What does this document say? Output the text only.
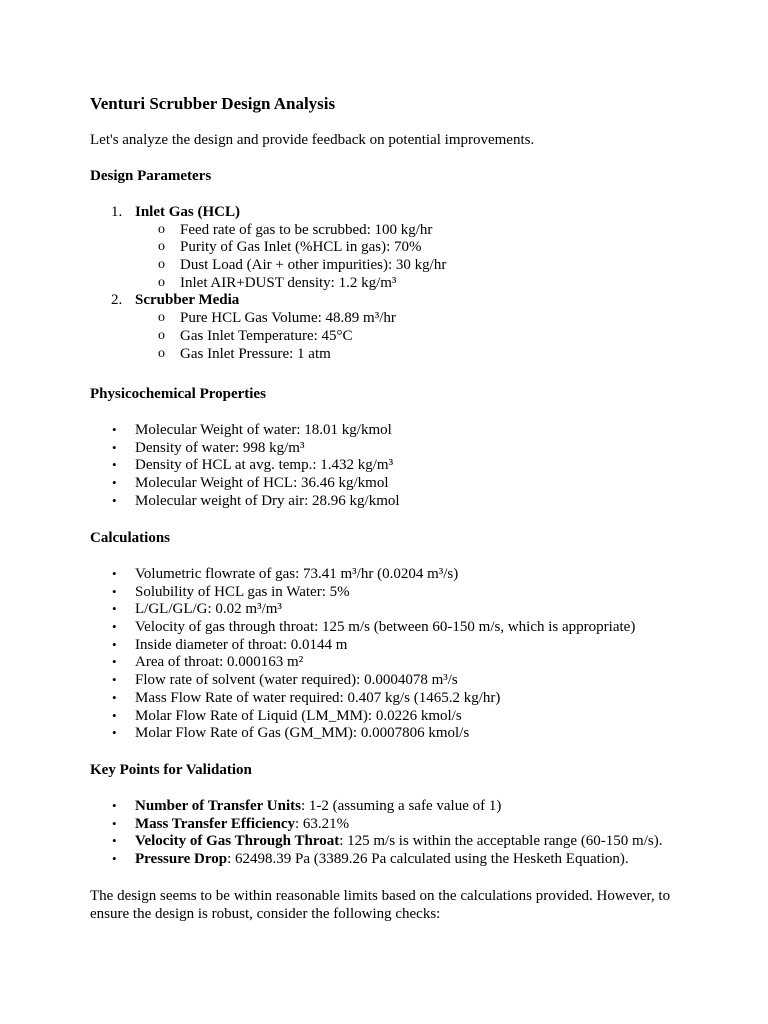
Venturi Scrubber Design Analysis

Let's analyze the design and provide feedback on potential improvements.

Design Parameters
1. Inlet Gas (HCL)
o Feed rate of gas to be scrubbed: 100 kg/hr
o Purity of Gas Inlet (%HCL in gas): 70%
o Dust Load (Air + other impurities): 30 kg/hr
o Inlet AIR+DUST density: 1.2 kg/m³
2. Scrubber Media
o Pure HCL Gas Volume: 48.89 m³/hr
o Gas Inlet Temperature: 45°C
o Gas Inlet Pressure: 1 atm
Physicochemical Properties
• Molecular Weight of water: 18.01 kg/kmol
• Density of water: 998 kg/m³
• Density of HCL at avg. temp.: 1.432 kg/m³
• Molecular Weight of HCL: 36.46 kg/kmol
• Molecular weight of Dry air: 28.96 kg/kmol
Calculations
• Volumetric flowrate of gas: 73.41 m³/hr (0.0204 m³/s)
• Solubility of HCL gas in Water: 5%
• L/GL/GL/G: 0.02 m³/m³
• Velocity of gas through throat: 125 m/s (between 60-150 m/s, which is appropriate)
• Inside diameter of throat: 0.0144 m
• Area of throat: 0.000163 m²
• Flow rate of solvent (water required): 0.0004078 m³/s
• Mass Flow Rate of water required: 0.407 kg/s (1465.2 kg/hr)
• Molar Flow Rate of Liquid (LM_MM): 0.0226 kmol/s
• Molar Flow Rate of Gas (GM_MM): 0.0007806 kmol/s
Key Points for Validation
• Number of Transfer Units: 1-2 (assuming a safe value of 1)
• Mass Transfer Efficiency: 63.21%
• Velocity of Gas Through Throat: 125 m/s is within the acceptable range (60-150 m/s).
• Pressure Drop: 62498.39 Pa (3389.26 Pa calculated using the Hesketh Equation).

The design seems to be within reasonable limits based on the calculations provided. However, to ensure the design is robust, consider the following checks:
